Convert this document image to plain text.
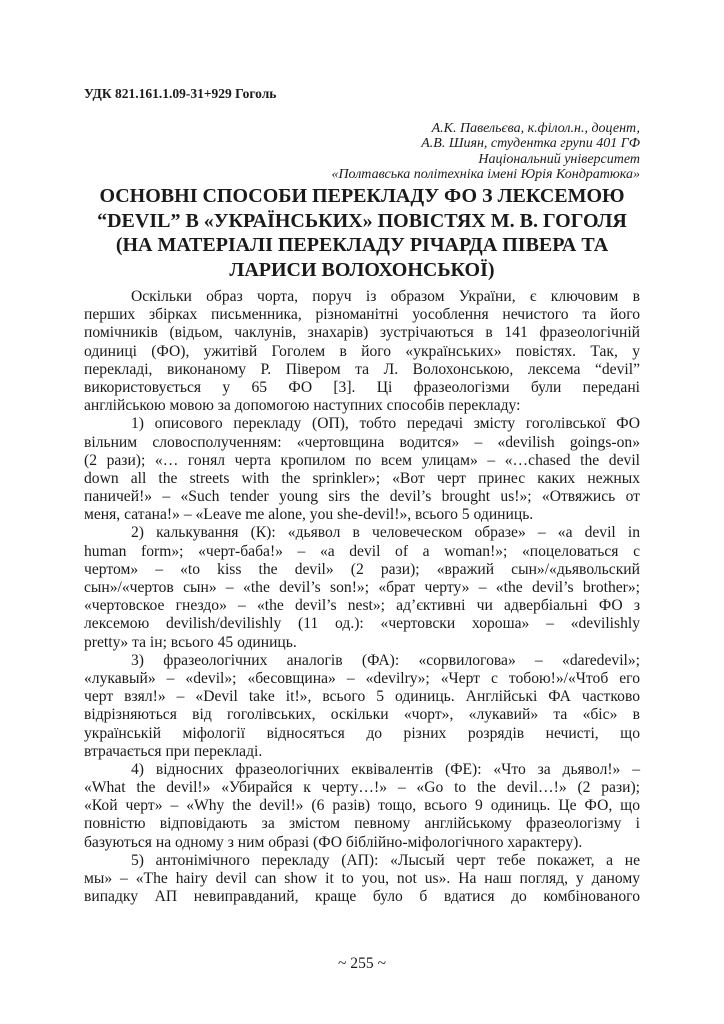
УДК 821.161.1.09-31+929 Гоголь
А.К. Павельєва, к.філол.н., доцент,
А.В. Шиян, студентка групи 401 ГФ
Національний університет
«Полтавська політехніка імені Юрія Кондратюка»
ОСНОВНІ СПОСОБИ ПЕРЕКЛАДУ ФО З ЛЕКСЕМОЮ
“DEVIL” В «УКРАЇНСЬКИХ» ПОВІСТЯХ М. В. ГОГОЛЯ
(НА МАТЕРІАЛІ ПЕРЕКЛАДУ РІЧАРДА ПІВЕРА ТА
ЛАРИСИ ВОЛОХОНСЬКОЇ)
Оскільки образ чорта, поруч із образом України, є ключовим в
перших збірках письменника, різноманітні уособлення нечистого та його
помічників (відьом, чаклунів, знахарів) зустрічаються в 141 фразеологічній
одиниці (ФО), ужитівй Гоголем в його «українських» повістях. Так, у
перекладі, виконаному Р. Півером та Л. Волохонською, лексема “devil”
використовується у 65 ФО [3]. Ці фразеологізми були передані
англійською мовою за допомогою наступних способів перекладу:
1) описового перекладу (ОП), тобто передачі змісту гоголівської ФО
вільним словосполученням: «чертовщина водится» – «devilish goings-on»
(2 рази); «… гонял черта кропилом по всем улицам» – «…chased the devil
down all the streets with the sprinkler»; «Вот черт принес каких нежных
паничей!» – «Such tender young sirs the devil’s brought us!»; «Отвяжись от
меня, сатана!» – «Leave me alone, you she-devil!», всього 5 одиниць.
2) калькування (К): «дьявол в человеческом образе» – «a devil in
human form»; «черт-баба!» – «a devil of a woman!»; «поцеловаться с
чертом» – «to kiss the devil» (2 рази); «вражий сын»/«дьявольский
сын»/«чертов сын» – «the devil’s son!»; «брат черту» – «the devil’s brother»;
«чертовское гнездо» – «the devil’s nest»; ад’єктивні чи адвербіальні ФО з
лексемою devilish/devilishly (11 од.): «чертовски хороша» – «devilishly
pretty» та ін; всього 45 одиниць.
3) фразеологічних аналогів (ФА): «сорвилогова» – «daredevil»;
«лукавый» – «devil»; «бесовщина» – «devilry»; «Черт с тобою!»/«Чтоб его
черт взял!» – «Devil take it!», всього 5 одиниць. Англійські ФА частково
відрізняються від гоголівських, оскільки «чорт», «лукавий» та «біс» в
українській міфології відносяться до різних розрядів нечисті, що
втрачається при перекладі.
4) відносних фразеологічних еквівалентів (ФЕ): «Что за дьявол!» –
«What the devil!» «Убирайся к черту…!» – «Go to the devil…!» (2 рази);
«Кой черт» – «Why the devil!» (6 разів) тощо, всього 9 одиниць. Це ФО, що
повністю відповідають за змістом певному англійському фразеологізму і
базуються на одному з ним образі (ФО біблійно-міфологічного характеру).
5) антонімічного перекладу (АП): «Лысый черт тебе покажет, а не
мы» – «The hairy devil can show it to you, not us». На наш погляд, у даному
випадку АП невиправданий, краще було б вдатися до комбінованого
~ 255 ~
